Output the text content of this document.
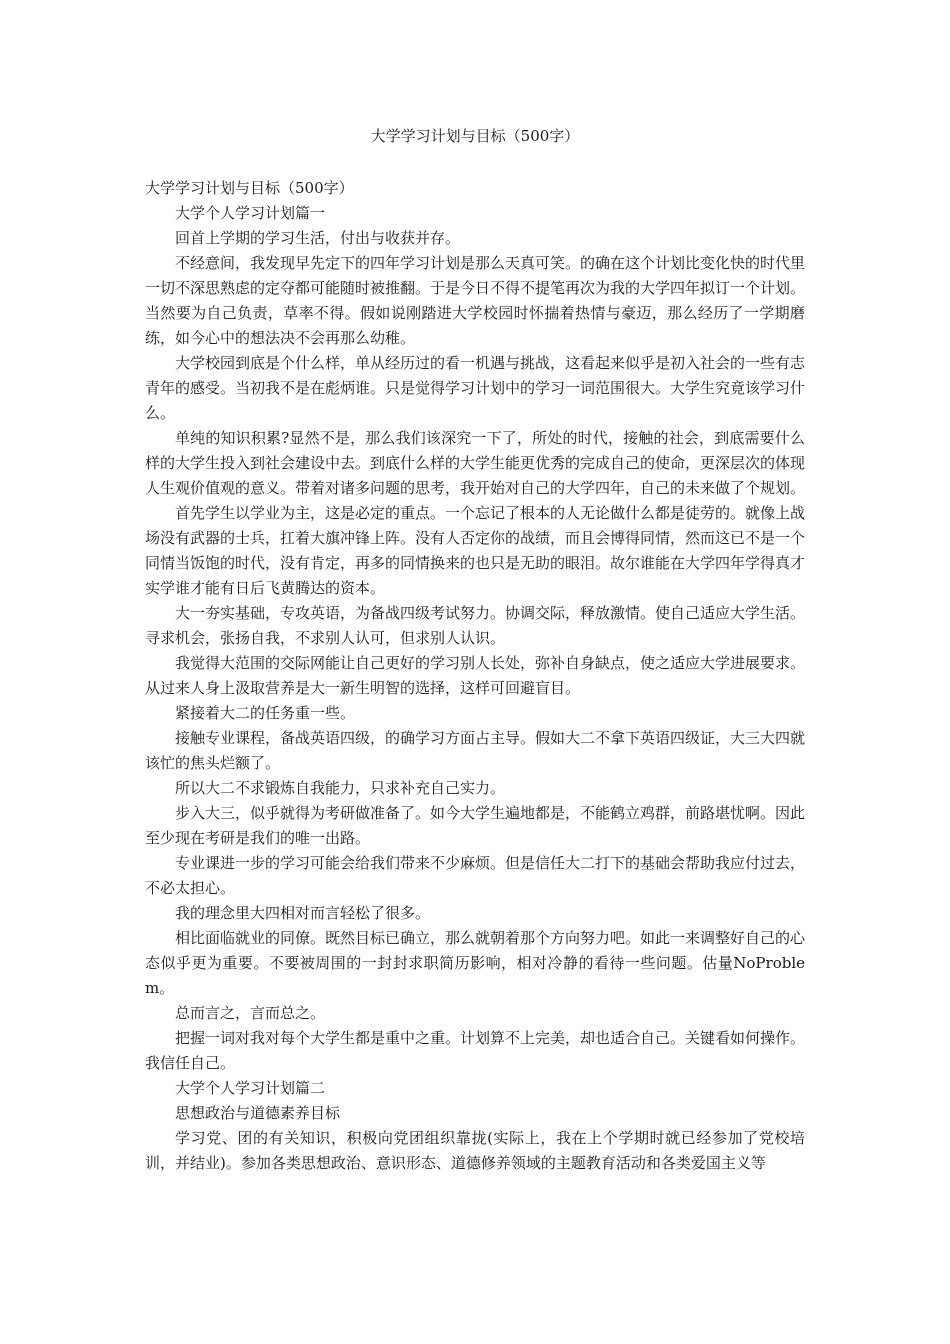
大学学习计划与目标（500字）

大学学习计划与目标（500字）

大学个人学习计划篇一

回首上学期的学习生活，付出与收获并存。

不经意间，我发现早先定下的四年学习计划是那么天真可笑。的确在这个计划比变化快的时代里一切不深思熟虑的定夺都可能随时被推翻。于是今日不得不提笔再次为我的大学四年拟订一个计划。当然要为自己负责，草率不得。假如说刚踏进大学校园时怀揣着热情与豪迈，那么经历了一学期磨练，如今心中的想法决不会再那么幼稚。

大学校园到底是个什么样，单从经历过的看一机遇与挑战，这看起来似乎是初入社会的一些有志青年的感受。当初我不是在彪炳谁。只是觉得学习计划中的学习一词范围很大。大学生究竟该学习什么。

单纯的知识积累?显然不是，那么我们该深究一下了，所处的时代，接触的社会，到底需要什么样的大学生投入到社会建设中去。到底什么样的大学生能更优秀的完成自己的使命，更深层次的体现人生观价值观的意义。带着对诸多问题的思考，我开始对自己的大学四年，自己的未来做了个规划。

首先学生以学业为主，这是必定的重点。一个忘记了根本的人无论做什么都是徒劳的。就像上战场没有武器的士兵，扛着大旗冲锋上阵。没有人否定你的战绩，而且会博得同情，然而这已不是一个同情当饭饱的时代，没有肯定，再多的同情换来的也只是无助的眼泪。故尔谁能在大学四年学得真才实学谁才能有日后飞黄腾达的资本。

大一夯实基础，专攻英语，为备战四级考试努力。协调交际，释放激情。使自己适应大学生活。寻求机会，张扬自我，不求别人认可，但求别人认识。

我觉得大范围的交际网能让自己更好的学习别人长处，弥补自身缺点，使之适应大学进展要求。从过来人身上汲取营养是大一新生明智的选择，这样可回避盲目。

紧接着大二的任务重一些。

接触专业课程，备战英语四级，的确学习方面占主导。假如大二不拿下英语四级证，大三大四就该忙的焦头烂额了。

所以大二不求锻炼自我能力，只求补充自己实力。

步入大三，似乎就得为考研做准备了。如今大学生遍地都是，不能鹤立鸡群，前路堪忧啊。因此至少现在考研是我们的唯一出路。

专业课进一步的学习可能会给我们带来不少麻烦。但是信任大二打下的基础会帮助我应付过去，不必太担心。

我的理念里大四相对而言轻松了很多。

相比面临就业的同僚。既然目标已确立，那么就朝着那个方向努力吧。如此一来调整好自己的心态似乎更为重要。不要被周围的一封封求职简历影响，相对冷静的看待一些问题。估量NoProblem。

总而言之，言而总之。

把握一词对我对每个大学生都是重中之重。计划算不上完美，却也适合自己。关键看如何操作。我信任自己。

大学个人学习计划篇二

思想政治与道德素养目标

学习党、团的有关知识，积极向党团组织靠拢(实际上，我在上个学期时就已经参加了党校培训，并结业)。参加各类思想政治、意识形态、道德修养领域的主题教育活动和各类爱国主义等
